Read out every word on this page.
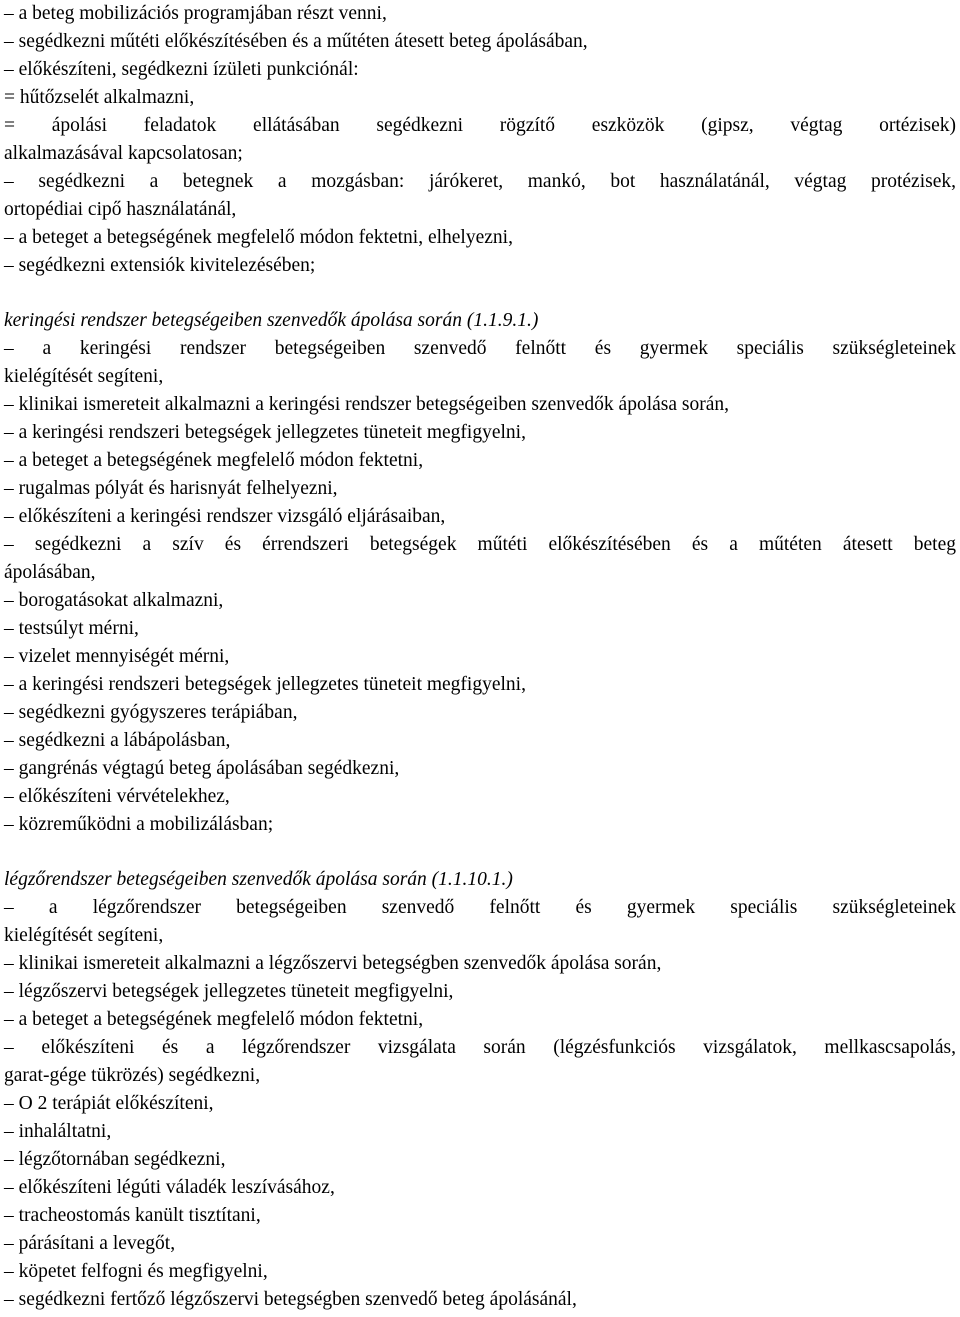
– a beteg mobilizációs programjában részt venni,
– segédkezni műtéti előkészítésében és a műtéten átesett beteg ápolásában,
– előkészíteni, segédkezni ízületi punkciónál:
= hűtőzselét alkalmazni,
= ápolási feladatok ellátásában segédkezni rögzítő eszközök (gipsz, végtag ortézisek)
alkalmazásával kapcsolatosan;
– segédkezni a betegnek a mozgásban: járókeret, mankó, bot használatánál, végtag protézisek,
ortopédiai cipő használatánál,
– a beteget a betegségének megfelelő módon fektetni, elhelyezni,
– segédkezni extensiók kivitelezésében;
keringési rendszer betegségeiben szenvedők ápolása során (1.1.9.1.)
– a keringési rendszer betegségeiben szenvedő felnőtt és gyermek speciális szükségleteinek
kielégítését segíteni,
– klinikai ismereteit alkalmazni a keringési rendszer betegségeiben szenvedők ápolása során,
– a keringési rendszeri betegségek jellegzetes tüneteit megfigyelni,
– a beteget a betegségének megfelelő módon fektetni,
– rugalmas pólyát és harisnyát felhelyezni,
– előkészíteni a keringési rendszer vizsgáló eljárásaiban,
– segédkezni a szív és érrendszeri betegségek műtéti előkészítésében és a műtéten átesett beteg
ápolásában,
– borogatásokat alkalmazni,
– testsúlyt mérni,
– vizelet mennyiségét mérni,
– a keringési rendszeri betegségek jellegzetes tüneteit megfigyelni,
– segédkezni gyógyszeres terápiában,
– segédkezni a lábápolásban,
– gangrénás végtagú beteg ápolásában segédkezni,
– előkészíteni vérvételekhez,
– közreműködni a mobilizálásban;
légzőrendszer betegségeiben szenvedők ápolása során (1.1.10.1.)
– a légzőrendszer betegségeiben szenvedő felnőtt és gyermek speciális szükségleteinek
kielégítését segíteni,
– klinikai ismereteit alkalmazni a légzőszervi betegségben szenvedők ápolása során,
– légzőszervi betegségek jellegzetes tüneteit megfigyelni,
– a beteget a betegségének megfelelő módon fektetni,
– előkészíteni és a légzőrendszer vizsgálata során (légzésfunkciós vizsgálatok, mellkascsapolás,
garat-gége tükrözés) segédkezni,
– O 2 terápiát előkészíteni,
– inhaláltatni,
– légzőtornában segédkezni,
– előkészíteni légúti váladék leszívásához,
– tracheostomás kanült tisztítani,
– párásítani a levegőt,
– köpetet felfogni és megfigyelni,
– segédkezni fertőző légzőszervi betegségben szenvedő beteg ápolásánál,
